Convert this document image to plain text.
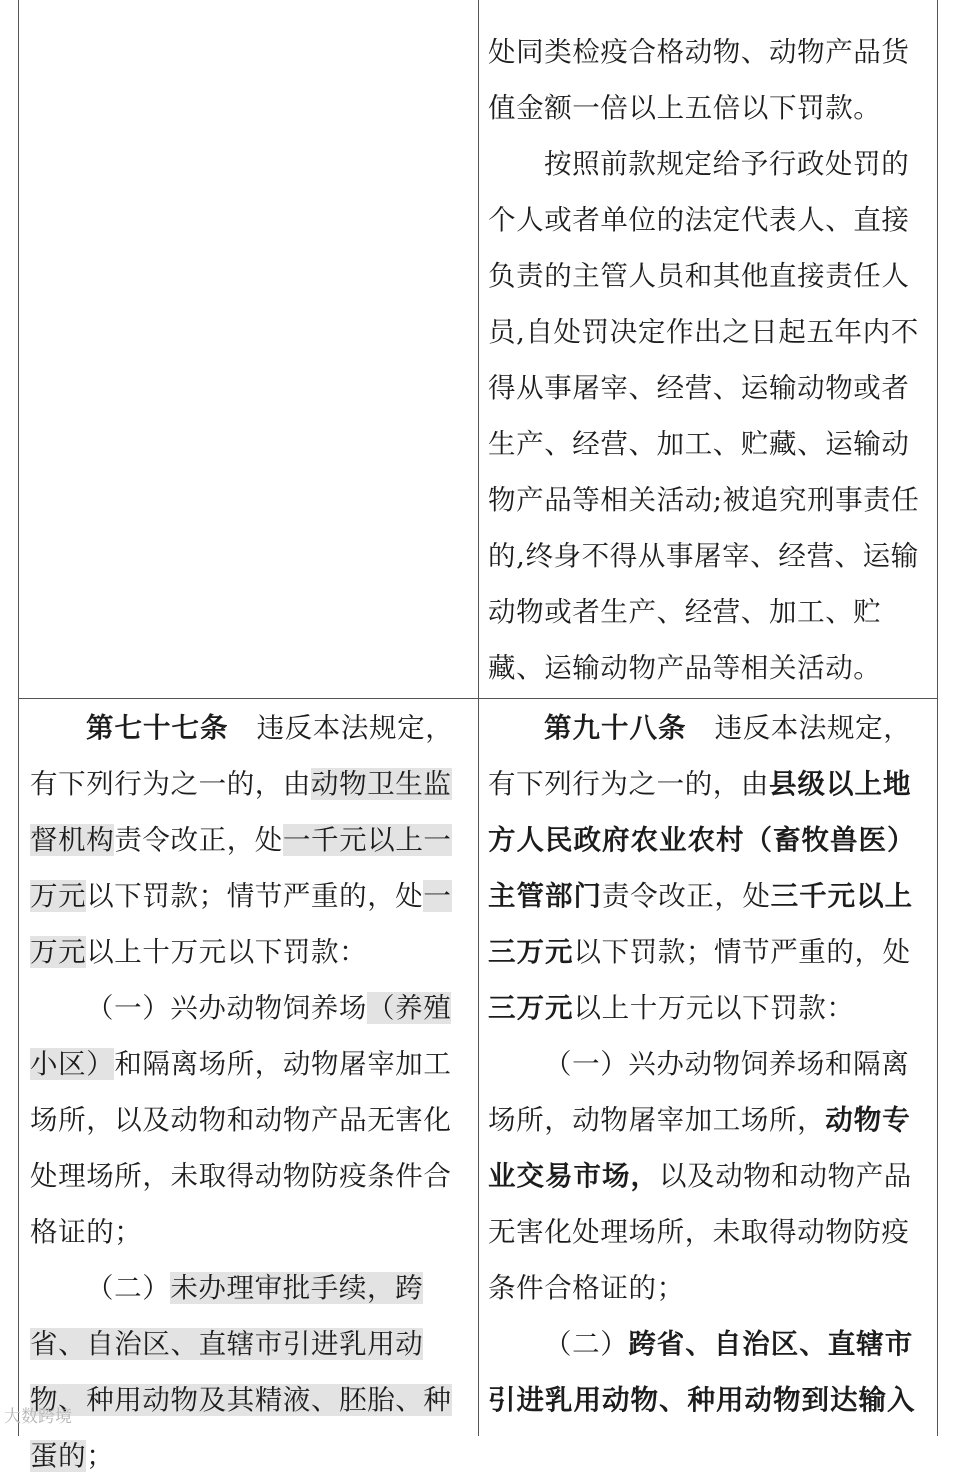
处同类检疫合格动物、动物产品货值金额一倍以上五倍以下罚款。

按照前款规定给予行政处罚的个人或者单位的法定代表人、直接负责的主管人员和其他直接责任人员,自处罚决定作出之日起五年内不得从事屠宰、经营、运输动物或者生产、经营、加工、贮藏、运输动物产品等相关活动;被追究刑事责任的,终身不得从事屠宰、经营、运输动物或者生产、经营、加工、贮藏、运输动物产品等相关活动。

第七十七条　 违反本法规定，有下列行为之一的，由动物卫生监督机构责令改正，处一千元以上一万元以下罚款；情节严重的，处一万元以上十万元以下罚款：

（一）兴办动物饲养场（养殖小区）和隔离场所，动物屠宰加工场所，以及动物和动物产品无害化处理场所，未取得动物防疫条件合格证的；

（二）未办理审批手续，跨省、自治区、直辖市引进乳用动物、种用动物及其精液、胚胎、种蛋的；

第九十八条　 违反本法规定，有下列行为之一的，由县级以上地方人民政府农业农村（畜牧兽医）主管部门责令改正，处三千元以上三万元以下罚款；情节严重的，处三万元以上十万元以下罚款：

（一）兴办动物饲养场和隔离场所，动物屠宰加工场所，动物专业交易市场，以及动物和动物产品无害化处理场所，未取得动物防疫条件合格证的；

（二）跨省、自治区、直辖市引进乳用动物、种用动物到达输入

大数跨境
